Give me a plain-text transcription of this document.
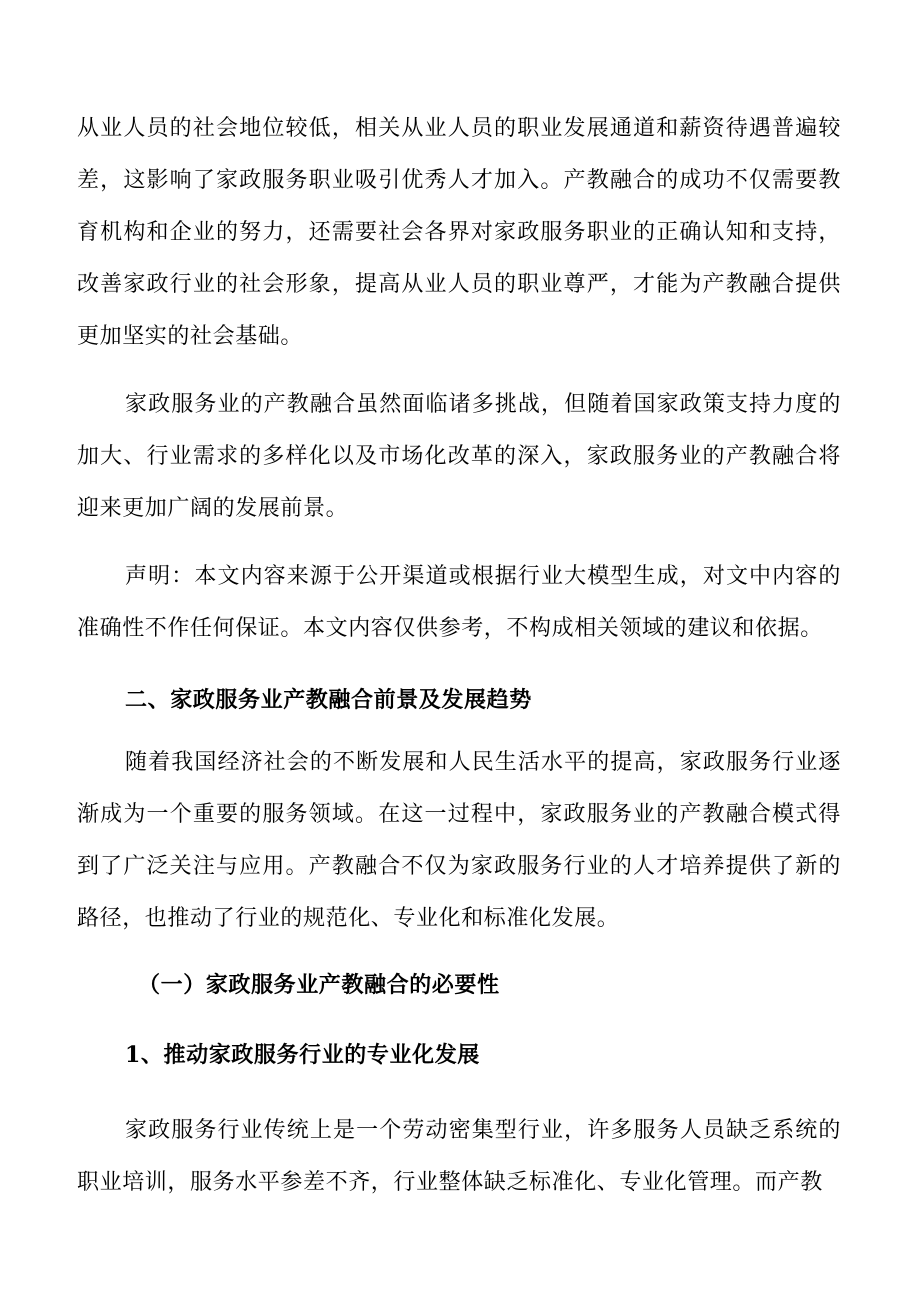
从业人员的社会地位较低，相关从业人员的职业发展通道和薪资待遇普遍较差，这影响了家政服务职业吸引优秀人才加入。产教融合的成功不仅需要教育机构和企业的努力，还需要社会各界对家政服务职业的正确认知和支持，改善家政行业的社会形象，提高从业人员的职业尊严，才能为产教融合提供更加坚实的社会基础。

家政服务业的产教融合虽然面临诸多挑战，但随着国家政策支持力度的加大、行业需求的多样化以及市场化改革的深入，家政服务业的产教融合将迎来更加广阔的发展前景。

声明：本文内容来源于公开渠道或根据行业大模型生成，对文中内容的准确性不作任何保证。本文内容仅供参考，不构成相关领域的建议和依据。

二、家政服务业产教融合前景及发展趋势

随着我国经济社会的不断发展和人民生活水平的提高，家政服务行业逐渐成为一个重要的服务领域。在这一过程中，家政服务业的产教融合模式得到了广泛关注与应用。产教融合不仅为家政服务行业的人才培养提供了新的路径，也推动了行业的规范化、专业化和标准化发展。

（一）家政服务业产教融合的必要性
1、推动家政服务行业的专业化发展

家政服务行业传统上是一个劳动密集型行业，许多服务人员缺乏系统的职业培训，服务水平参差不齐，行业整体缺乏标准化、专业化管理。而产教
